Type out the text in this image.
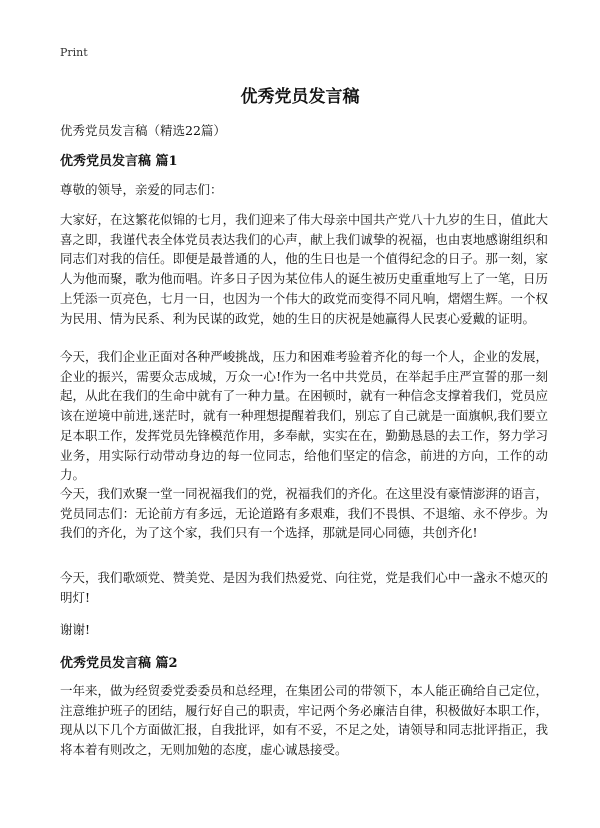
Print
优秀党员发言稿
优秀党员发言稿（精选22篇）
优秀党员发言稿 篇1

尊敬的领导，亲爱的同志们：

大家好，在这繁花似锦的七月，我们迎来了伟大母亲中国共产党八十九岁的生日，值此大喜之即，我谨代表全体党员表达我们的心声，献上我们诚挚的祝福，也由衷地感谢组织和同志们对我的信任。即便是最普通的人，他的生日也是一个值得纪念的日子。那一刻，家人为他而聚，歌为他而唱。许多日子因为某位伟人的诞生被历史重重地写上了一笔，日历上凭添一页亮色，七月一日，也因为一个伟大的政党而变得不同凡响，熠熠生辉。一个权为民用、情为民系、利为民谋的政党，她的生日的庆祝是她赢得人民衷心爱戴的证明。

今天，我们企业正面对各种严峻挑战，压力和困难考验着齐化的每一个人，企业的发展，企业的振兴，需要众志成城，万众一心!作为一名中共党员，在举起手庄严宣誓的那一刻起，从此在我们的生命中就有了一种力量。在困顿时，就有一种信念支撑着我们，党员应该在逆境中前进,迷茫时，就有一种理想提醒着我们，别忘了自己就是一面旗帜,我们要立足本职工作，发挥党员先锋模范作用，多奉献，实实在在，勤勤恳恳的去工作，努力学习业务，用实际行动带动身边的每一位同志，给他们坚定的信念，前进的方向，工作的动力。

今天，我们欢聚一堂一同祝福我们的党，祝福我们的齐化。在这里没有豪情澎湃的语言，党员同志们：无论前方有多远，无论道路有多艰难，我们不畏惧、不退缩、永不停步。为我们的齐化，为了这个家，我们只有一个选择，那就是同心同德，共创齐化!

今天，我们歌颂党、赞美党、是因为我们热爱党、向往党，党是我们心中一盏永不熄灭的明灯!

谢谢!

优秀党员发言稿 篇2

一年来，做为经贸委党委委员和总经理，在集团公司的带领下，本人能正确给自己定位，注意维护班子的团结，履行好自己的职责，牢记两个务必廉洁自律，积极做好本职工作，现从以下几个方面做汇报，自我批评，如有不妥，不足之处，请领导和同志批评指正，我将本着有则改之，无则加勉的态度，虚心诚恳接受。
